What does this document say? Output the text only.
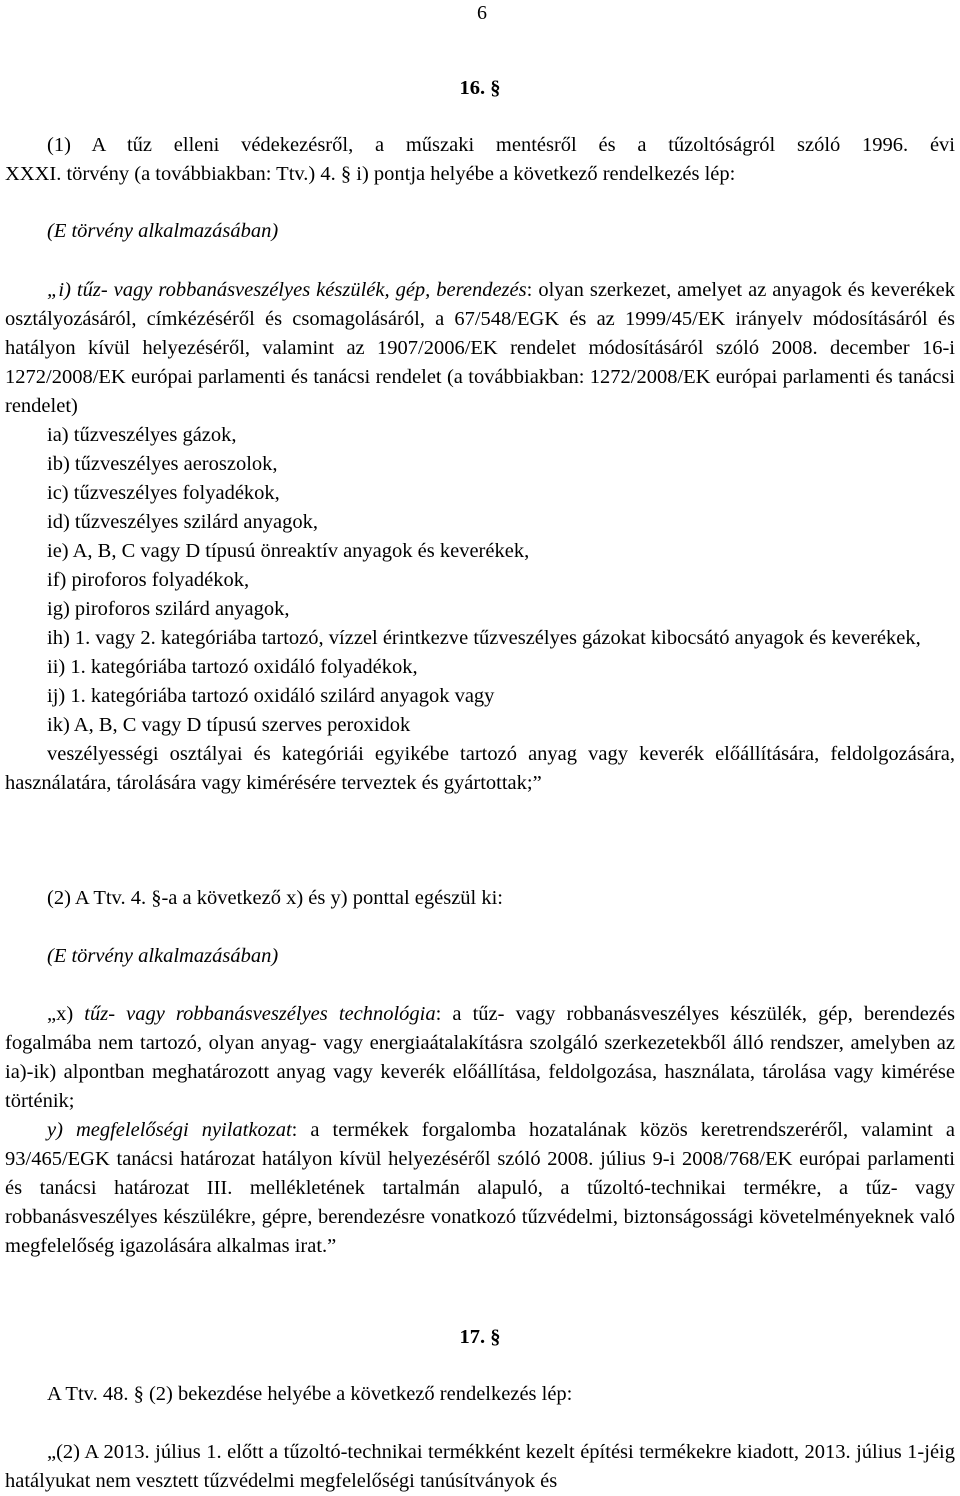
6

16. §

(1) A tűz elleni védekezésről, a műszaki mentésről és a tűzoltóságról szóló 1996. évi

XXXI. törvény (a továbbiakban: Ttv.) 4. § i) pontja helyébe a következő rendelkezés lép:

(E törvény alkalmazásában)

„i) tűz- vagy robbanásveszélyes készülék, gép, berendezés: olyan szerkezet, amelyet az anyagok és keverékek osztályozásáról, címkézéséről és csomagolásáról, a 67/548/EGK és az 1999/45/EK irányelv módosításáról és hatályon kívül helyezéséről, valamint az 1907/2006/EK rendelet módosításáról szóló 2008. december 16-i 1272/2008/EK európai parlamenti és tanácsi rendelet (a továbbiakban: 1272/2008/EK európai parlamenti és tanácsi rendelet)

ia) tűzveszélyes gázok,

ib) tűzveszélyes aeroszolok,

ic) tűzveszélyes folyadékok,

id) tűzveszélyes szilárd anyagok,

ie) A, B, C vagy D típusú önreaktív anyagok és keverékek,

if) piroforos folyadékok,

ig) piroforos szilárd anyagok,

ih) 1. vagy 2. kategóriába tartozó, vízzel érintkezve tűzveszélyes gázokat kibocsátó anyagok és keverékek,

ii) 1. kategóriába tartozó oxidáló folyadékok,

ij) 1. kategóriába tartozó oxidáló szilárd anyagok vagy

ik) A, B, C vagy D típusú szerves peroxidok

veszélyességi osztályai és kategóriái egyikébe tartozó anyag vagy keverék előállítására, feldolgozására, használatára, tárolására vagy kimérésére terveztek és gyártottak;”

(2) A Ttv. 4. §-a a következő x) és y) ponttal egészül ki:

(E törvény alkalmazásában)

„x) tűz- vagy robbanásveszélyes technológia: a tűz- vagy robbanásveszélyes készülék, gép, berendezés fogalmába nem tartozó, olyan anyag- vagy energiaátalakításra szolgáló szerkezetekből álló rendszer, amelyben az ia)-ik) alpontban meghatározott anyag vagy keverék előállítása, feldolgozása, használata, tárolása vagy kimérése történik;

y) megfelelőségi nyilatkozat: a termékek forgalomba hozatalának közös keretrendszeréről, valamint a 93/465/EGK tanácsi határozat hatályon kívül helyezéséről szóló 2008. július 9-i 2008/768/EK európai parlamenti és tanácsi határozat III. mellékletének tartalmán alapuló, a tűzoltó-technikai termékre, a tűz- vagy robbanásveszélyes készülékre, gépre, berendezésre vonatkozó tűzvédelmi, biztonságossági követelményeknek való megfelelőség igazolására alkalmas irat.”

17. §

A Ttv. 48. § (2) bekezdése helyébe a következő rendelkezés lép:

„(2) A 2013. július 1. előtt a tűzoltó-technikai termékként kezelt építési termékekre kiadott, 2013. július 1-jéig hatályukat nem vesztett tűzvédelmi megfelelőségi tanúsítványok és
